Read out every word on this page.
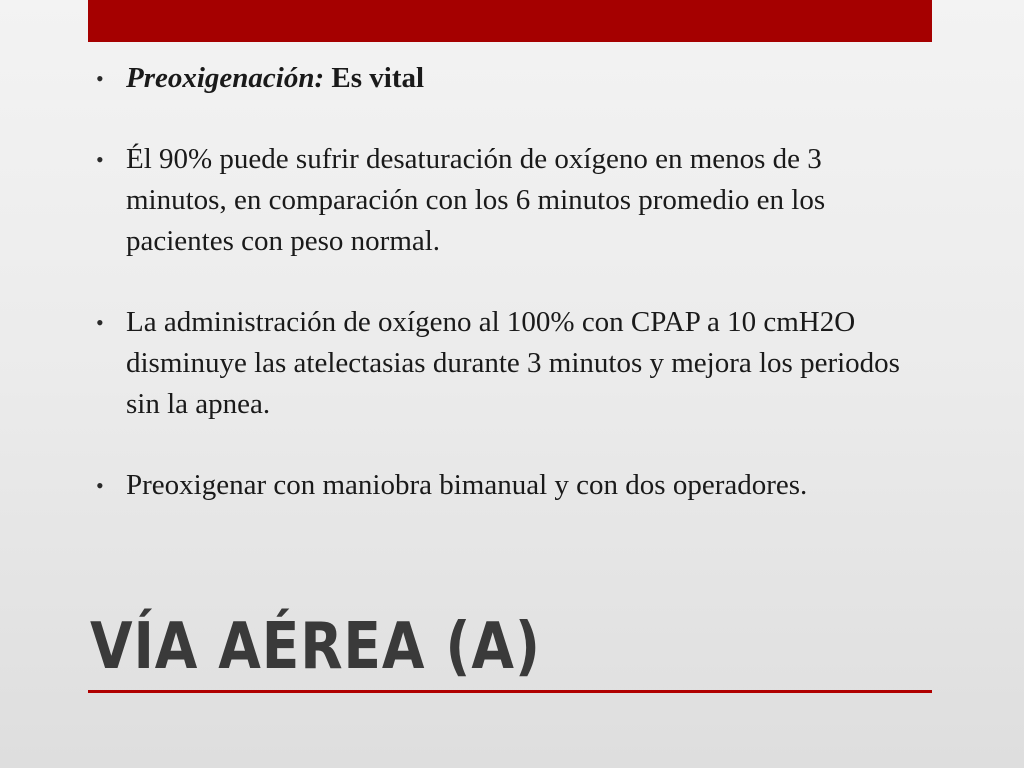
• Preoxigenación: Es vital

• Él 90% puede sufrir desaturación de oxígeno en menos de 3 minutos, en comparación con los 6 minutos promedio en los pacientes con peso normal.

• La administración de oxígeno al 100% con CPAP a 10 cmH2O disminuye las atelectasias durante 3 minutos y mejora los periodos sin la apnea.

• Preoxigenar con maniobra bimanual y con dos operadores.

VÍA AÉREA (A)
